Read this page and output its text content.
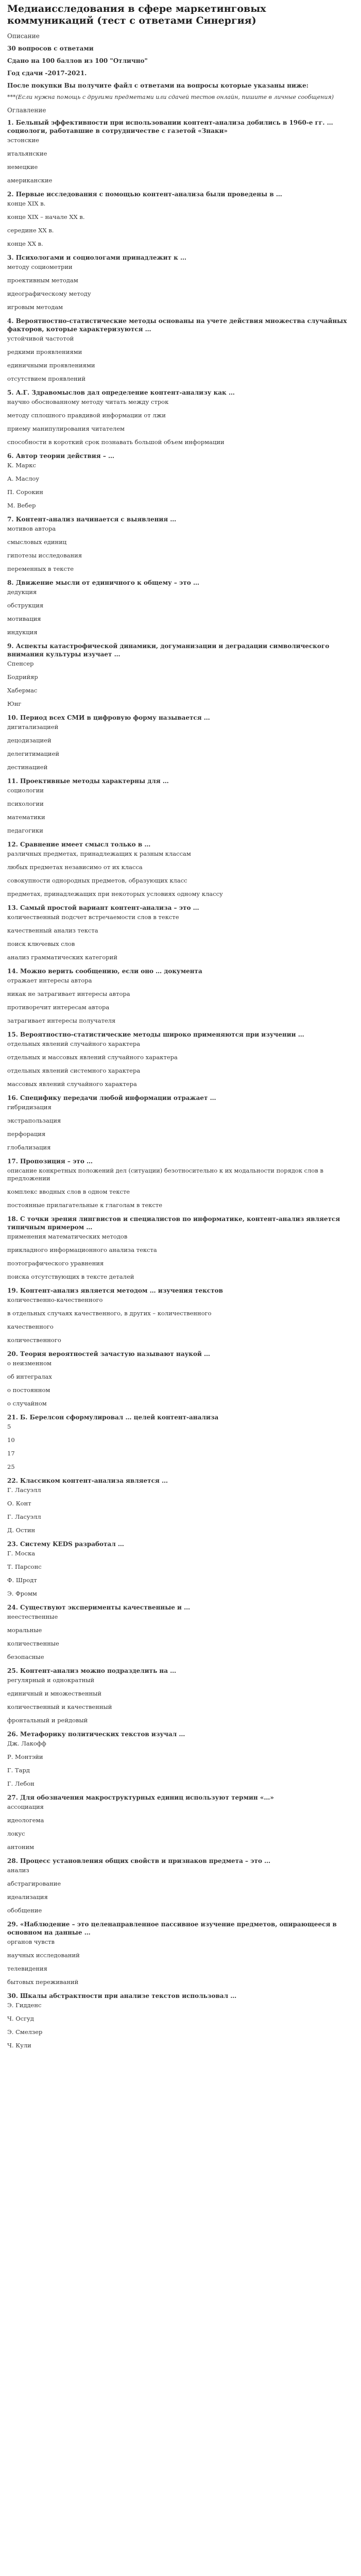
Медиаисследования в сфере маркетинговых коммуникаций (тест с ответами Синергия)

Описание

30 вопросов с ответами

Сдано на 100 баллов из 100 "Отлично"

Год сдачи -2017-2021.

После покупки Вы получите файл с ответами на вопросы которые указаны ниже:

***(Если нужна помощь с другими предметами или сдачей тестов онлайн, пишите в личные сообщения)

Оглавление

1. Бельный эффективности при использовании контент-анализа добились в 1960-е гг. … социологи, работавшие в сотрудничестве с газетой «Знаки»

эстонские

итальянские

немецкие

американские

2. Первые исследования с помощью контент-анализа были проведены в …

конце XIX в.

конце XIX – начале XX в.

середине XX в.

конце XX в.

3. Психологами и социологами принадлежит к …

методу социометрии

проективным методам

идеографическому методу

игровым методам

4. Вероятностно-статистические методы основаны на учете действия множества случайных факторов, которые характеризуются …

устойчивой частотой

редкими проявлениями

единичными проявлениями

отсутствием проявлений

5. А.Г. Здравомыслов дал определение контент-анализу как …

научно обоснованному методу читать между строк

методу сплошного правдивой информации от лжи

приему манипулирования читателем

способности в короткий срок познавать большой объем информации

6. Автор теории действия – …

К. Маркс

А. Маслоу

П. Сорокин

М. Вебер

7. Контент-анализ начинается с выявления …

мотивов автора

смысловых единиц

гипотезы исследования

переменных в тексте

8. Движение мысли от единичного к общему – это …

дедукция

обструкция

мотивация

индукция

9. Аспекты катастрофической динамики, догуманизации и деградации символического внимания культуры изучает …

Спенсер

Бодрийяр

Хабермас

Юнг

10. Период всех СМИ в цифровую форму называется …

дигитализацией

децодизацией

делегитимацией

дестинацией

11. Проективные методы характерны для …

социологии

психологии

математики

педагогики

12. Сравнение имеет смысл только в …

различных предметах, принадлежащих к разным классам

любых предметах независимо от их класса

совокупности однородных предметов, образующих класс

предметах, принадлежащих при некоторых условиях одному классу

13. Самый простой вариант контент-анализа – это …

количественный подсчет встречаемости слов в тексте

качественный анализ текста

поиск ключевых слов

анализ грамматических категорий

14. Можно верить сообщению, если оно … документа

отражает интересы автора

никак не затрагивает интересы автора

противоречит интересам автора

затрагивает интересы получателя

15. Вероятностно-статистические методы широко применяются при изучении …

отдельных явлений случайного характера

отдельных и массовых явлений случайного характера

отдельных явлений системного характера

массовых явлений случайного характера

16. Специфику передачи любой информации отражает …

гибридизация

экстрапользация

перфорация

глобализация

17. Пропозиция – это …

описание конкретных положений дел (ситуации) безотносительно к их модальности порядок слов в предложении

комплекс вводных слов в одном тексте

постоянные прилагательные к глаголам в тексте

18. С точки зрения лингвистов и специалистов по информатике, контент-анализ является типичным примером …

применения математических методов

прикладного информационного анализа текста

поэтографического уравнения

поиска отсутствующих в тексте деталей

19. Контент-анализ является методом … изучения текстов

количественно-качественного

в отдельных случаях качественного, в других – количественного

качественного

количественного

20. Теория вероятностей зачастую называют наукой …

о неизменном

об интегралах

о постоянном

о случайном

21. Б. Берелсон сформулировал … целей контент-анализа

5

10

17

25

22. Классиком контент-анализа является …

Г. Ласуэлл

О. Конт

Г. Ласуэлл

Д. Остин

23. Систему KEDS разработал …

Г. Моска

Т. Парсонс

Ф. Шродт

Э. Фромм

24. Существуют эксперименты качественные и …

неестественные

моральные

количественные

безопасные

25. Контент-анализ можно подразделить на …

регулярный и однократный

единичный и множественный

количественный и качественный

фронтальный и рейдовый

26. Метафорику политических текстов изучал …

Дж. Лакофф

Р. Монтэйи

Г. Тард

Г. Лебон

27. Для обозначения макроструктурных единиц используют термин «…»

ассоциация

идеологема

локус

антоним

28. Процесс установления общих свойств и признаков предмета – это …

анализ

абстрагирование

идеализация

обобщение

29. «Наблюдение – это целенаправленное пассивное изучение предметов, опирающееся в основном на данные …

органов чувств

научных исследований

телевидения

бытовых переживаний

30. Шкалы абстрактности при анализе текстов использовал …

Э. Гидденс

Ч. Осгуд

Э. Смелзер

Ч. Кули
